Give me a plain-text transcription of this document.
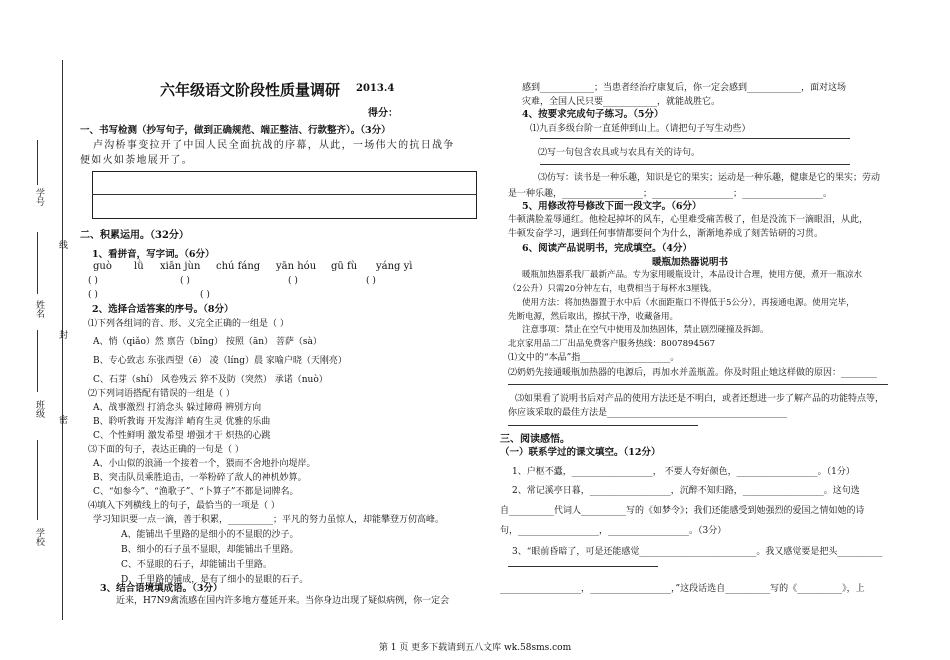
学号
线
姓名
封
班级
密
学校
六年级语文阶段性质量调研 2013.4
得分：
一、书写检测（抄写句子，做到正确规范、端正整洁、行款整齐）。（3分）
卢沟桥事变拉开了中国人民全面抗战的序幕，从此，一场伟大的抗日战争
便如火如荼地展开了。
二、积累运用。（32分）
1、看拼音，写字词。（6分）
guò lǜ xiān jùn chú fáng yān hóu gū fù yáng yì
( )	( )	( )	( )
( )	( )
2、选择合适答案的序号。（8分）
⑴下列各组词的音、形、义完全正确的一组是（ ）
A、悄（qiǎo）然 禀告（bǐng） 按照（ān） 菩萨（sà）
B、专心致志 东张西望（ē） 凌（líng）晨 家喻户晓（天刚亮）
C、石芽（shí） 风卷残云 猝不及防（突然） 承诺（nuò）
⑵下列词语搭配有错误的一组是（ ）
A、战事激烈 打消念头 躲过障碍 辨别方向
B、聆听教诲 开发海洋 峭育生灵 优雅的乐曲
C、个性鲜明 激发希望 增强才干 炽热的心跳
⑶下面的句子，表达正确的一句是（ ）
A、小山似的浪涌一个接着一个，猥而不舍地扑向堤岸。
B、突击队员乘胜追击，一举粉碎了敌人的神机妙算。
C、“如参今”、“渔歌子”、“卜算子”不都是词牌名。
⑷填入下列横线上的句子，最恰当的一项是（ ）
学习知识要一点一滴，善于积累，__________；平凡的努力虽惊人，却能攀登万仞高峰。
A、能铺出千里路的是细小的不显眼的沙子。
B、细小的石子虽不显眼，却能铺出千里路。
C、不显眼的石子，却能铺出千里路。
D、千里路的铺成，是有了细小的显眼的石子。
3、结合语境填成语。（3分）
近来，H7N9禽流感在国内许多地方蔓延开来。当你身边出现了疑似病例，你一定会
感到____________；当患者经治疗康复后，你一定会感到____________，面对这场
灾难，全国人民只要____________，就能战胜它。
4、按要求完成句子练习。（5分）
⑴九百多级台阶一直延伸到山上。（请把句子写生动些）
⑵写一句包含农具或与农具有关的诗句。
⑶仿写：读书是一种乐趣，知识是它的果实；运动是一种乐趣，健康是它的果实；劳动
是一种乐趣，__________________；__________________；__________________。
5、用修改符号修改下面一段文字。（6分）
牛顿满脸羞辱通红。他检起掉坏的风车，心里难受痛苦极了，但是没流下一滴眼泪，从此，
牛顿发奋学习，遇到任何事情都要问个为什么，渐渐地养成了刻苦钻研的习贯。
6、阅读产品说明书，完成填空。（4分）
暖瓶加热器说明书
暖瓶加热器系我厂最新产品。专为家用暖瓶设计，本品设计合理，使用方便，煮开一瓶凉水
（2公升）只需20分钟左右，电费相当于每杯水3厘钱。
使用方法：将加热器置于水中后（水面距瓶口不得低于5公分），再接通电源。使用完毕，
先断电源，然后取出，擦拭干净，收藏备用。
注意事项：禁止在空气中使用及加热固体，禁止剧烈碰撞及拆卸。
北京家用品二厂出品免费客户服务热线：8007894567
⑴文中的“本品”指____________________。
⑵奶奶先接通暖瓶加热器的电源后，再加水并盖瓶盖。你及时阻止她这样做的原因：________
⑶如果看了说明书后对产品的使用方法还是不明白，或者还想进一步了解产品的功能特点等，
你应该采取的最佳方法是________________________________________
三、阅读感悟。
（一）联系学过的课文填空。（12分）
1、户枢不蠹，__________________， 不要人夸好颜色，__________________。（1分）
2、常记溪亭日暮，__________________，沉醉不知归路，__________________。这句选
自__________代词人__________写的《如梦令》；我们还能感受到她强烈的爱国之情如她的诗
句，__________________，__________________。（3分）
3、“眼前昏暗了，可是还能感觉__________________________。我又感觉要是把头__________
__________________，__________________，”这段话选自__________写的《__________》，上
第 1 页 更多下载请到五八文库 wk.58sms.com
